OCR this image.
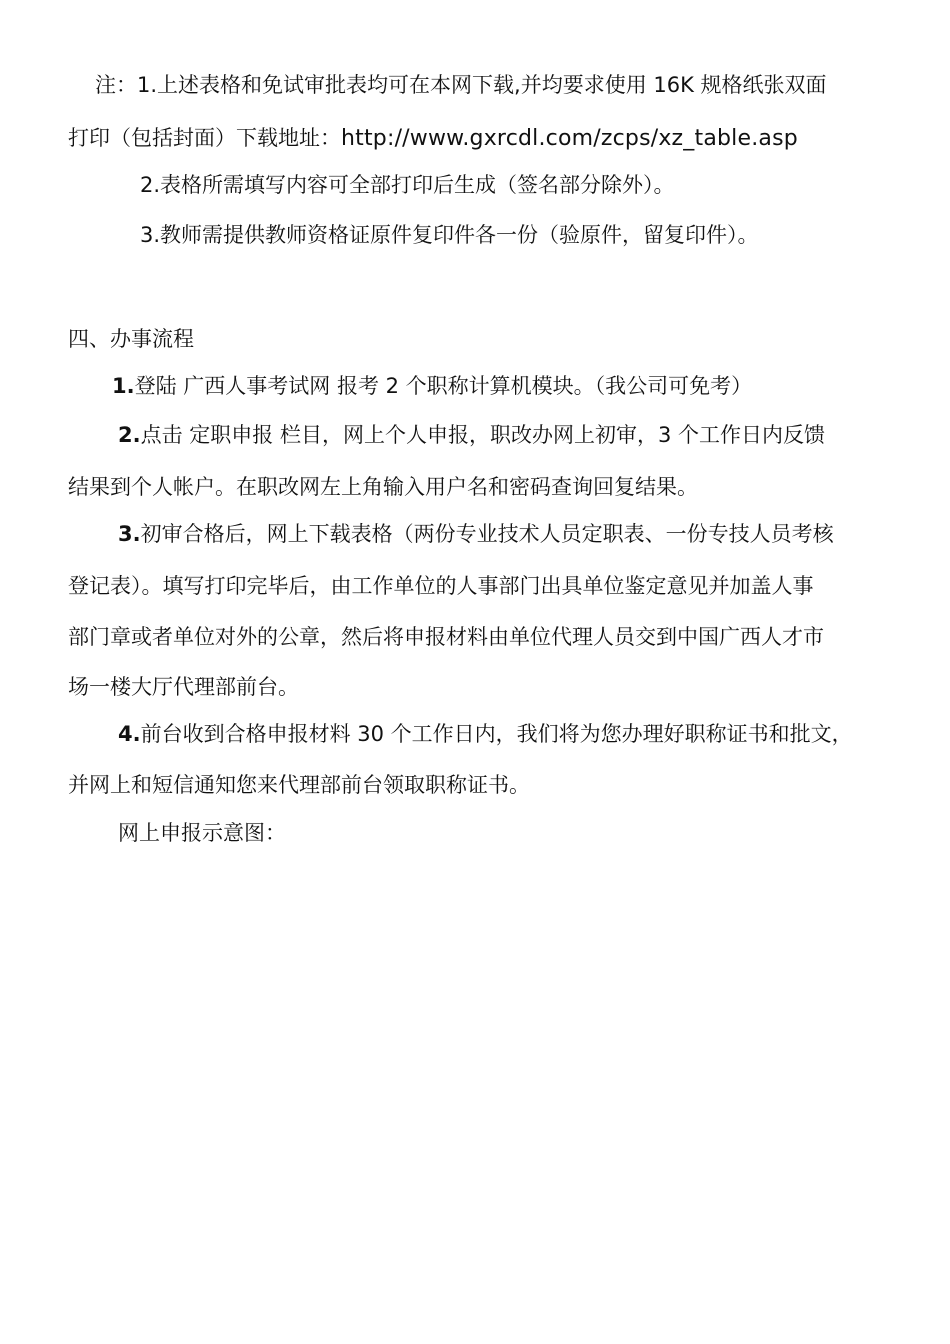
注：1.上述表格和免试审批表均可在本网下载,并均要求使用 16K 规格纸张双面
打印（包括封面）下载地址：http://www.gxrcdl.com/zcps/xz_table.asp
2.表格所需填写内容可全部打印后生成（签名部分除外）。
3.教师需提供教师资格证原件复印件各一份（验原件，留复印件）。
四、办事流程
1.登陆 广西人事考试网 报考 2 个职称计算机模块。（我公司可免考）
2.点击 定职申报 栏目，网上个人申报，职改办网上初审，3 个工作日内反馈
结果到个人帐户。在职改网左上角输入用户名和密码查询回复结果。
3.初审合格后，网上下载表格（两份专业技术人员定职表、一份专技人员考核
登记表）。填写打印完毕后，由工作单位的人事部门出具单位鉴定意见并加盖人事
部门章或者单位对外的公章，然后将申报材料由单位代理人员交到中国广西人才市
场一楼大厅代理部前台。
4.前台收到合格申报材料 30 个工作日内，我们将为您办理好职称证书和批文，
并网上和短信通知您来代理部前台领取职称证书。
网上申报示意图：
